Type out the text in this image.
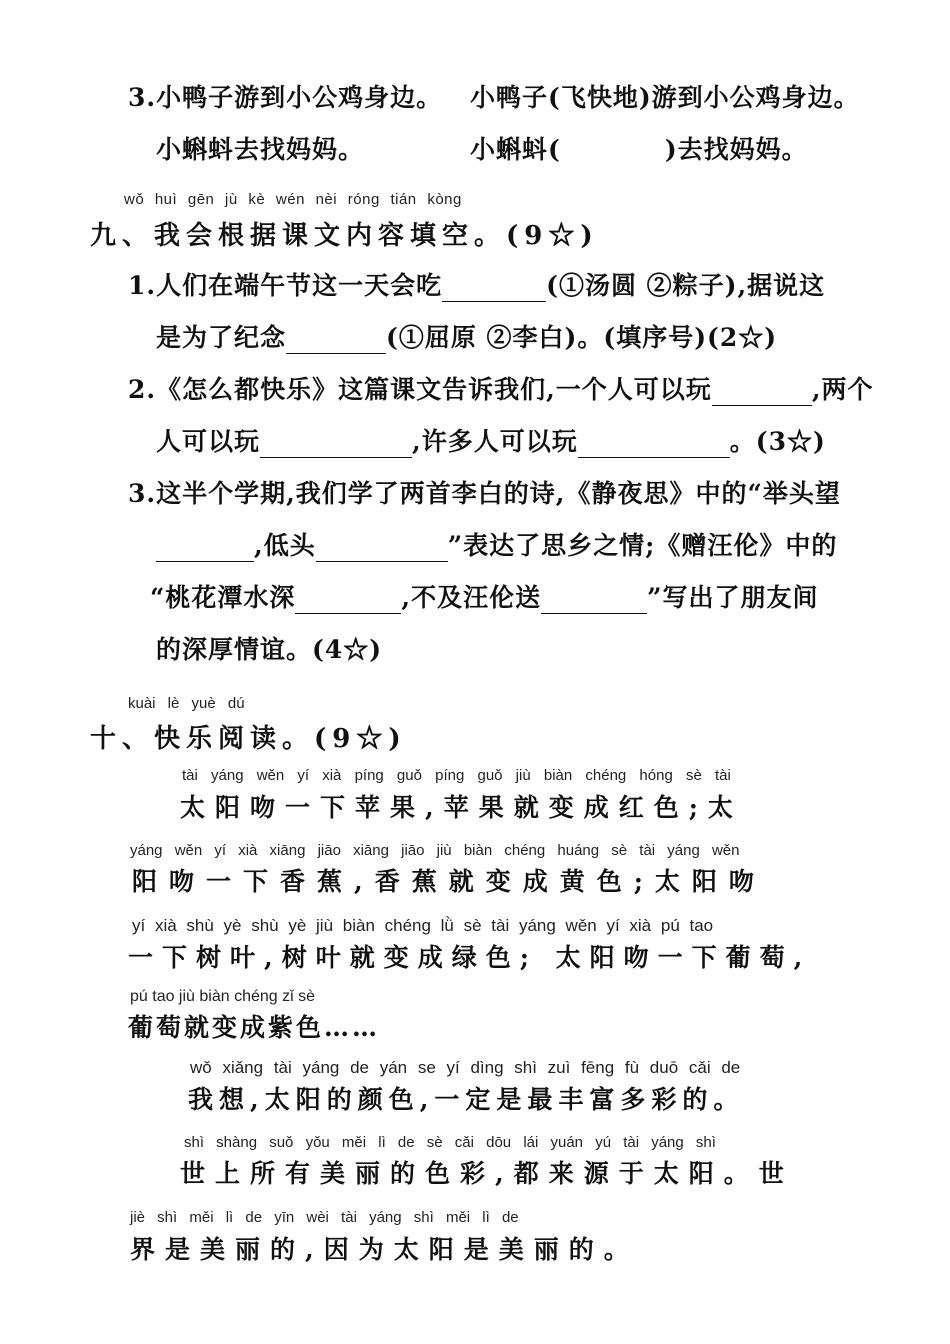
3.小鸭子游到小公鸡身边。 小鸭子(飞快地)游到小公鸡身边。
小蝌蚪去找妈妈。	小蝌蚪(	)去找妈妈。
wǒ huì gēn jù kè wén nèi róng tián kòng
九、我会根据课文内容填空。(9☆)
1.人们在端午节这一天会吃	(①汤圆 ②粽子),据说这
是为了纪念	(①屈原 ②李白)。(填序号)(2☆)
2.《怎么都快乐》这篇课文告诉我们,一个人可以玩	,两个
人可以玩	,许多人可以玩	。(3☆)
3.这半个学期,我们学了两首李白的诗,《静夜思》中的“举头望
,低头	”表达了思乡之情;《赠汪伦》中的
“桃花潭水深	,不及汪伦送	”写出了朋友间
的深厚情谊。(4☆)
kuài lè yuè dú
十、快乐阅读。(9☆)
tài yáng wěn yí xià píng guǒ píng guǒ jiù biàn chéng hóng sè tài
太阳吻一下苹果,苹果就变成红色;太
yáng wěn yí xià xiāng jiāo xiāng jiāo jiù biàn chéng huáng sè tài yáng wěn
阳吻一下香蕉,香蕉就变成黄色;太阳吻
yí xià shù yè shù yè jiù biàn chéng lǜ sè tài yáng wěn yí xià pú tao
一下树叶,树叶就变成绿色; 太阳吻一下葡萄,
pú tao jiù biàn chéng zǐ sè
葡萄就变成紫色……
wǒ xiǎng tài yáng de yán se yí dìng shì zuì fēng fù duō cǎi de
我想,太阳的颜色,一定是最丰富多彩的。
shì shàng suǒ yǒu měi lì de sè cǎi dōu lái yuán yú tài yáng shì
世上所有美丽的色彩,都来源于太阳。世
jiè shì měi lì de yīn wèi tài yáng shì měi lì de
界是美丽的,因为太阳是美丽的。
